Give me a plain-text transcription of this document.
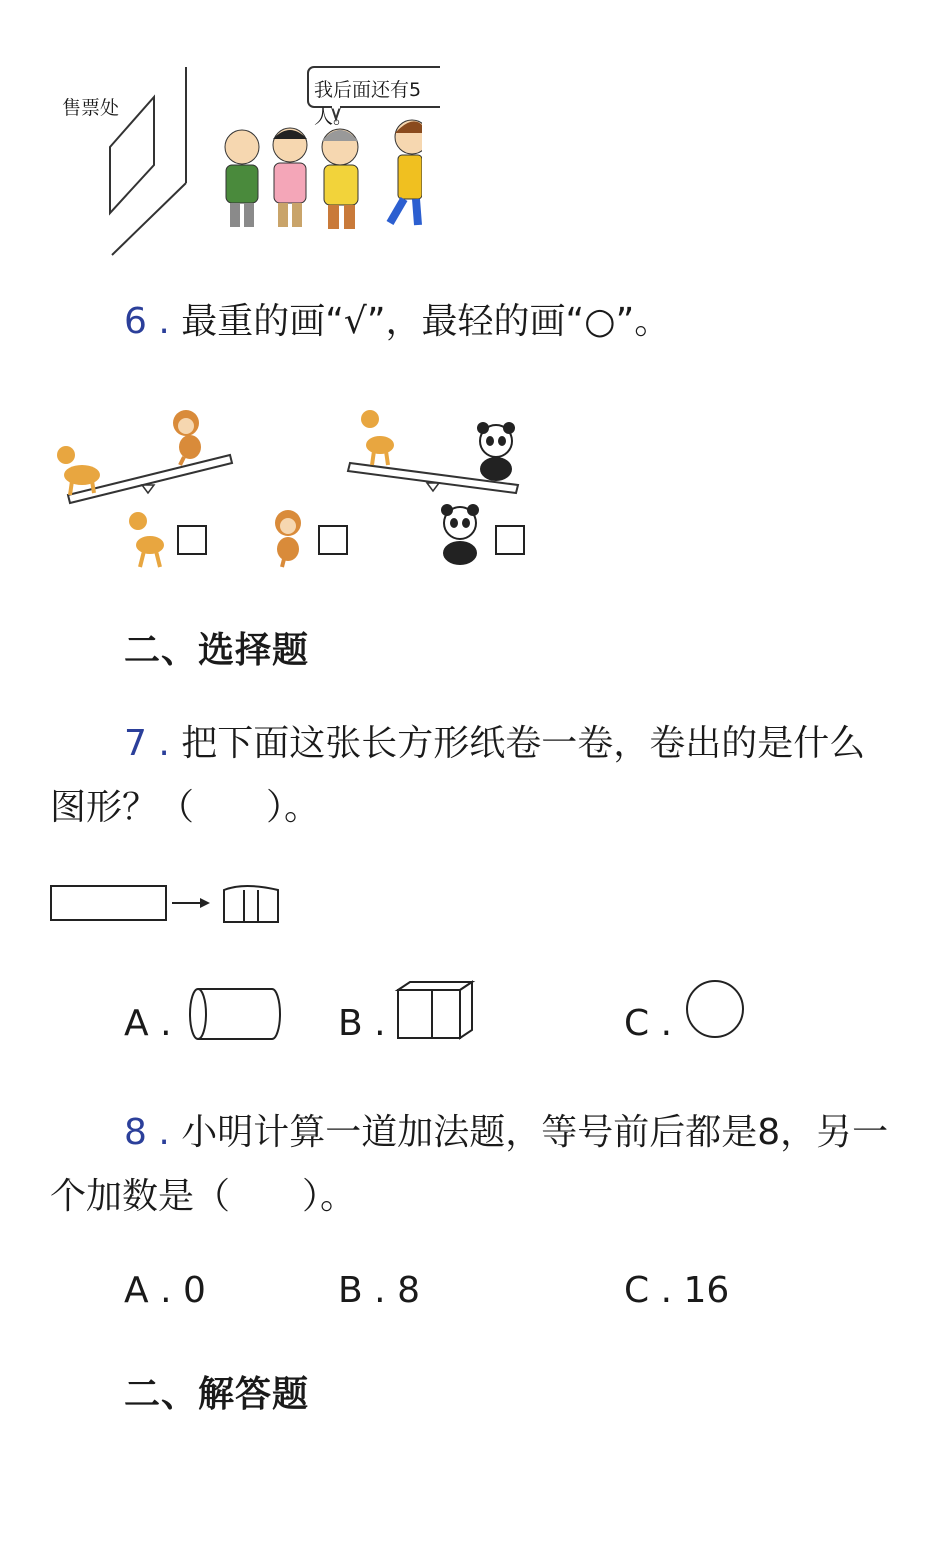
售票处
我后面还有5人。
6 . 最重的画“√”，最轻的画“○”。
二、选择题
7 . 把下面这张长方形纸卷一卷，卷出的是什么
图形？（　　）。
A .	B .	C .
8 . 小明计算一道加法题，等号前后都是8，另一
个加数是（　　）。
A . 0	B . 8	C . 16
二、解答题
